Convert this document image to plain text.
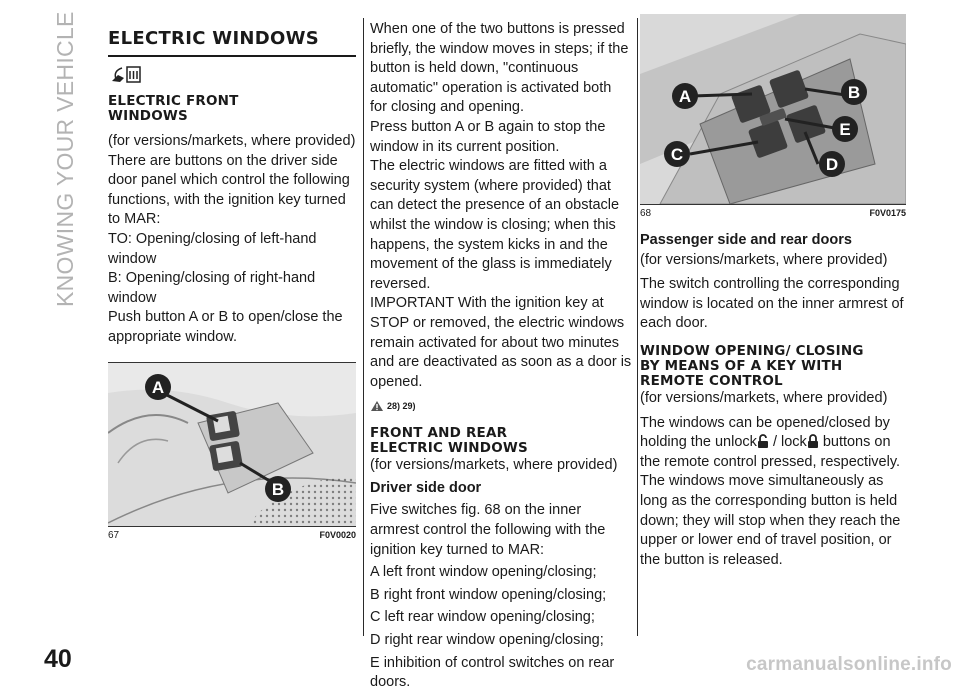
KNOWING YOUR VEHICLE ELECTRIC WINDOWS
ELECTRIC FRONT WINDOWS

(for versions/markets, where provided)

There are buttons on the driver side door panel which control the following functions, with the ignition key turned to MAR:

TO: Opening/closing of left-hand window

B: Opening/closing of right-hand window

Push button A or B to open/close the appropriate window.

A
B
67	F0V0020

When one of the two buttons is pressed briefly, the window moves in steps; if the button is held down, "continuous automatic" operation is activated both for closing and opening.

Press button A or B again to stop the window in its current position.

The electric windows are fitted with a security system (where provided) that can detect the presence of an obstacle whilst the window is closing; when this happens, the system kicks in and the movement of the glass is immediately reversed.

IMPORTANT With the ignition key at STOP or removed, the electric windows remain activated for about two minutes and are deactivated as soon as a door is opened.

28) 29)
FRONT AND REAR ELECTRIC WINDOWS

(for versions/markets, where provided)

Driver side door

Five switches fig. 68 on the inner armrest control the following with the ignition key turned to MAR:

A left front window opening/closing;

B right front window opening/closing;

C left rear window opening/closing;

D right rear window opening/closing;

E inhibition of control switches on rear doors.

A	B
C
D
E
68	F0V0175

Passenger side and rear doors

(for versions/markets, where provided)

The switch controlling the corresponding window is located on the inner armrest of each door.

WINDOW OPENING/ CLOSING BY MEANS OF A KEY WITH REMOTE CONTROL

(for versions/markets, where provided)

The windows can be opened/closed by holding the unlock / lock buttons on the remote control pressed, respectively.

The windows move simultaneously as long as the corresponding button is held down; they will stop when they reach the upper or lower end of travel position, or the button is released.

40	carmanualsonline.info
